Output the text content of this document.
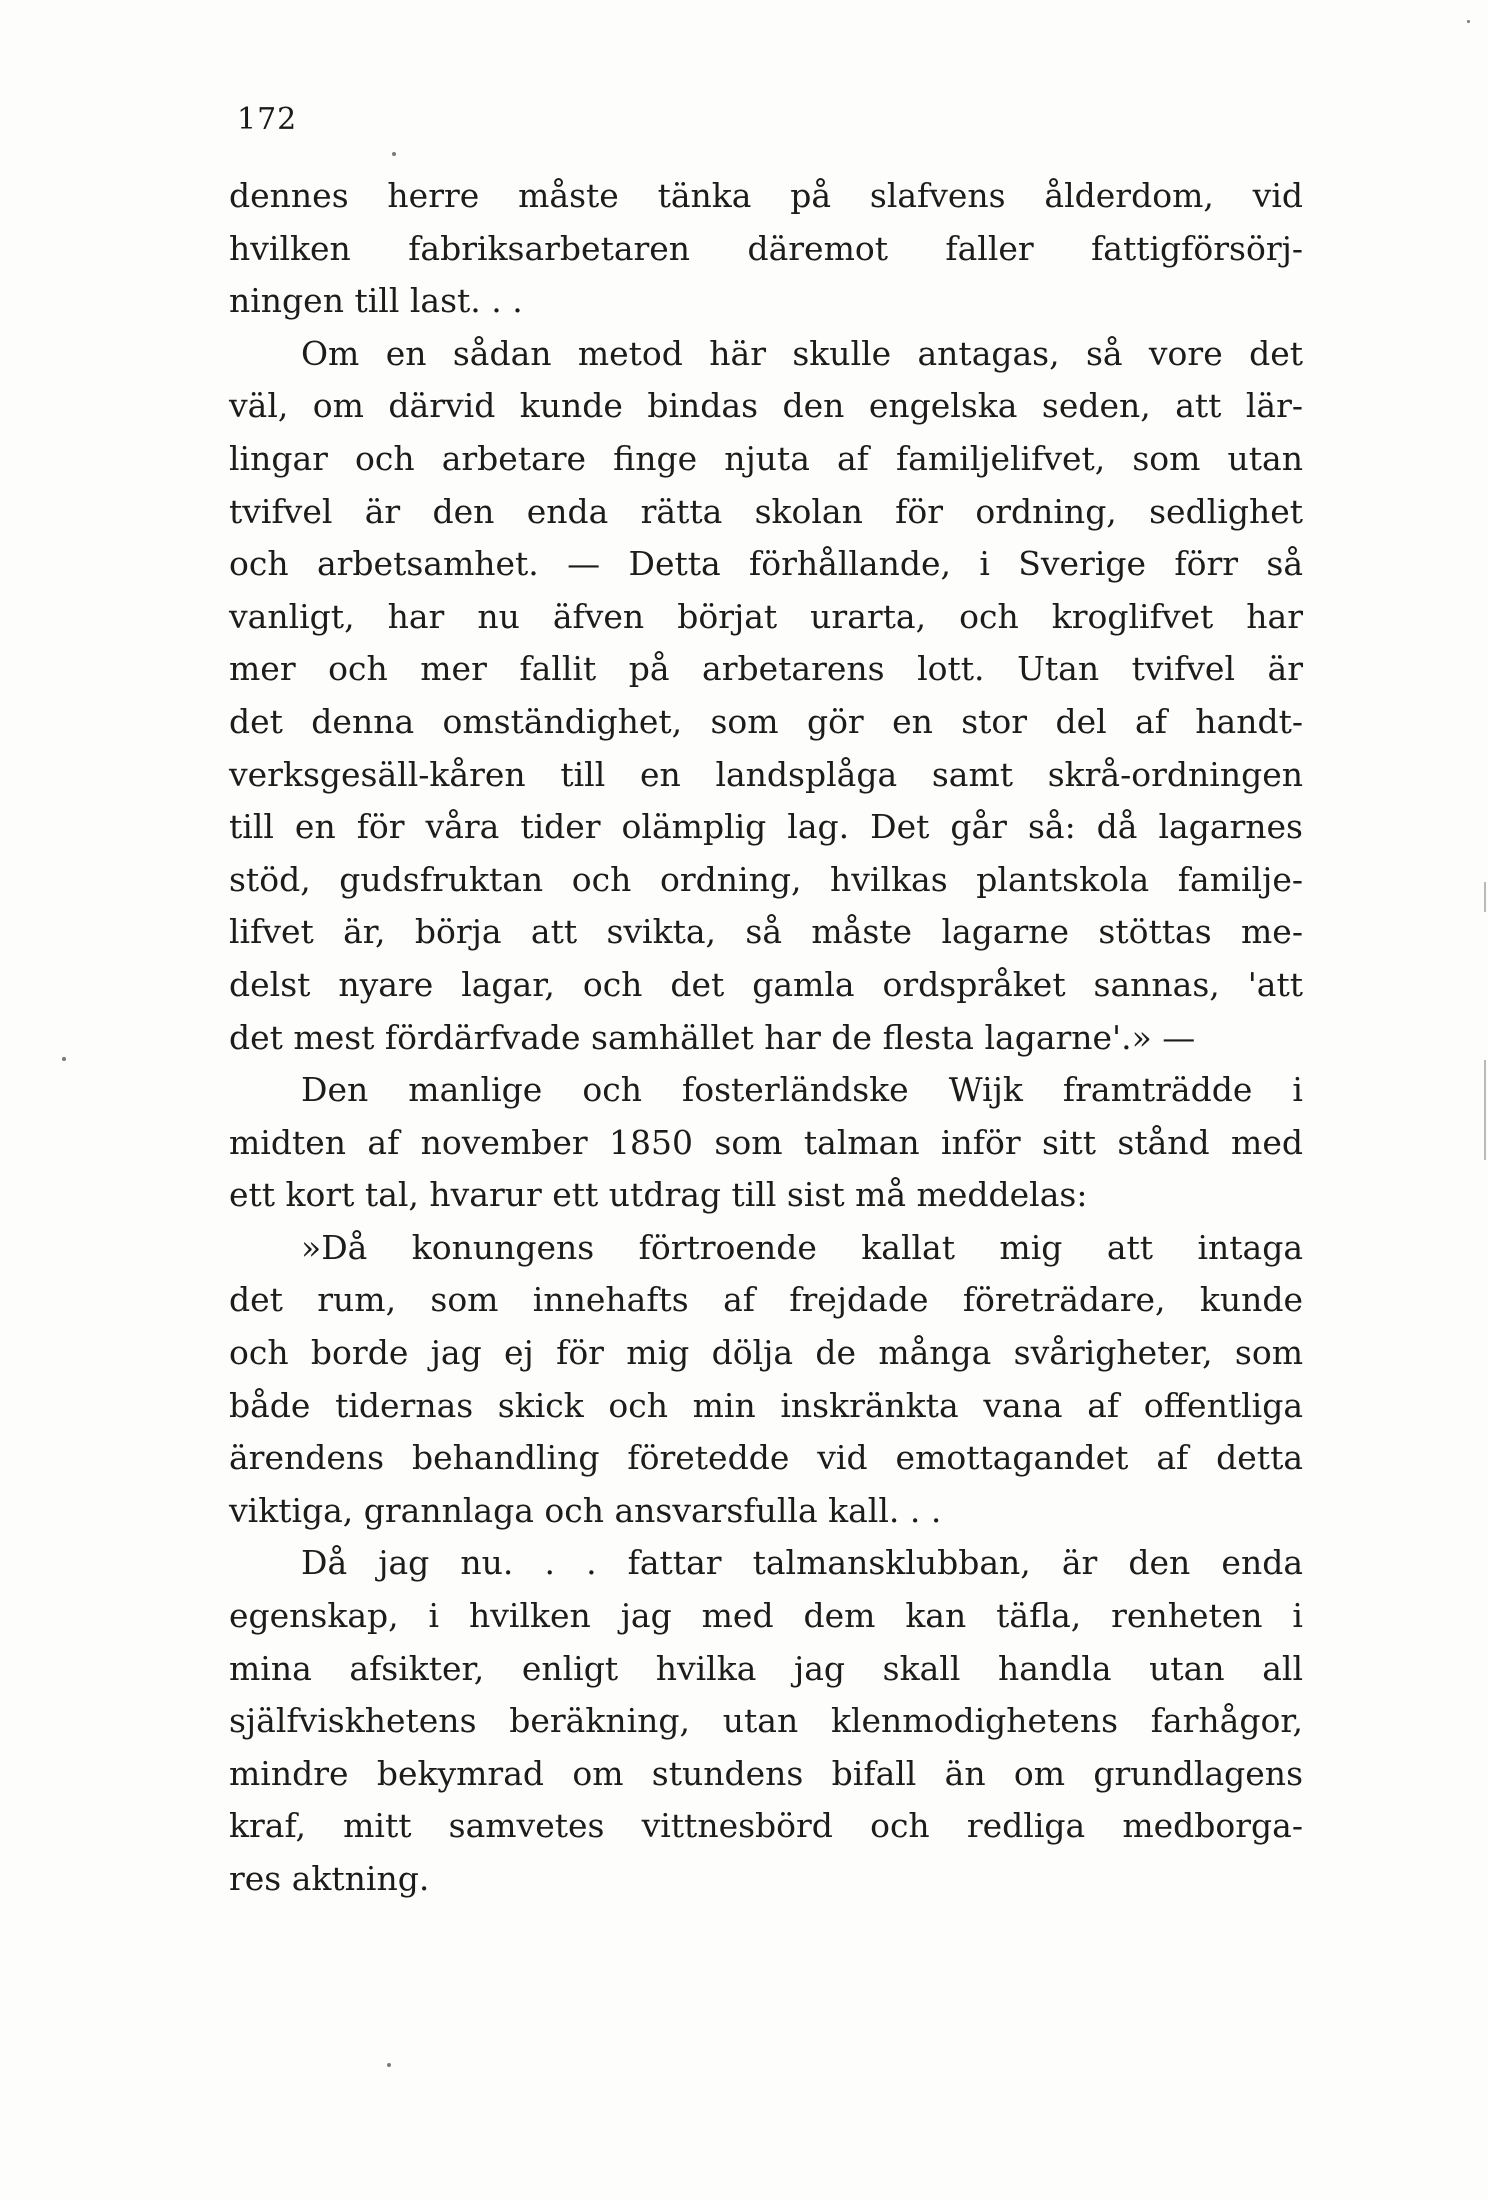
172
dennes herre måste tänka på slafvens ålderdom, vid
hvilken fabriksarbetaren däremot faller fattigförsörj-
ningen till last. . .
Om en sådan metod här skulle antagas, så vore det
väl, om därvid kunde bindas den engelska seden, att lär-
lingar och arbetare finge njuta af familjelifvet, som utan
tvifvel är den enda rätta skolan för ordning, sedlighet
och arbetsamhet. — Detta förhållande, i Sverige förr så
vanligt, har nu äfven börjat urarta, och kroglifvet har
mer och mer fallit på arbetarens lott. Utan tvifvel är
det denna omständighet, som gör en stor del af handt-
verksgesäll-kåren till en landsplåga samt skrå-ordningen
till en för våra tider olämplig lag. Det går så: då lagarnes
stöd, gudsfruktan och ordning, hvilkas plantskola familje-
lifvet är, börja att svikta, så måste lagarne stöttas me-
delst nyare lagar, och det gamla ordspråket sannas, 'att
det mest fördärfvade samhället har de flesta lagarne'.» —
Den manlige och fosterländske Wijk framträdde i
midten af november 1850 som talman inför sitt stånd med
ett kort tal, hvarur ett utdrag till sist må meddelas:
»Då konungens förtroende kallat mig att intaga
det rum, som innehafts af frejdade företrädare, kunde
och borde jag ej för mig dölja de många svårigheter, som
både tidernas skick och min inskränkta vana af offentliga
ärendens behandling företedde vid emottagandet af detta
viktiga, grannlaga och ansvarsfulla kall. . .
Då jag nu. . . fattar talmansklubban, är den enda
egenskap, i hvilken jag med dem kan täfla, renheten i
mina afsikter, enligt hvilka jag skall handla utan all
själfviskhetens beräkning, utan klenmodighetens farhågor,
mindre bekymrad om stundens bifall än om grundlagens
kraf, mitt samvetes vittnesbörd och redliga medborga-
res aktning.
